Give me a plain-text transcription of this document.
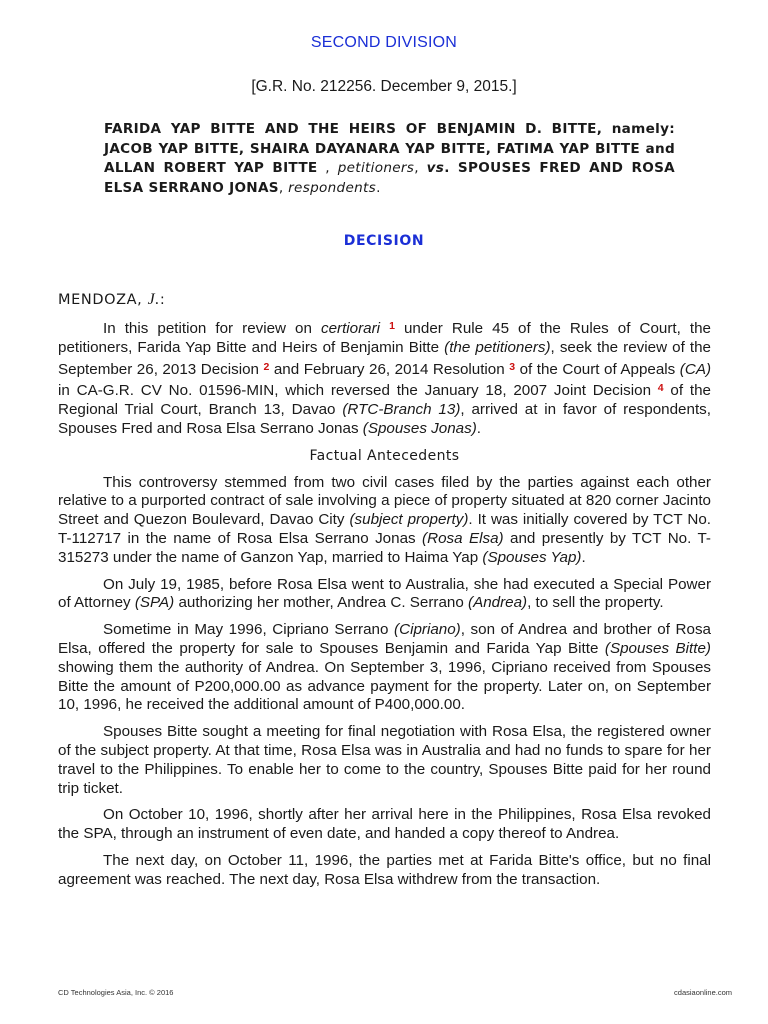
SECOND DIVISION
[G.R. No. 212256. December 9, 2015.]
FARIDA YAP BITTE AND THE HEIRS OF BENJAMIN D. BITTE, namely: JACOB YAP BITTE, SHAIRA DAYANARA YAP BITTE, FATIMA YAP BITTE and ALLAN ROBERT YAP BITTE , petitioners, vs. SPOUSES FRED AND ROSA ELSA SERRANO JONAS, respondents.
DECISION
MENDOZA, J.:

In this petition for review on certiorari $^1$ under Rule 45 of the Rules of Court, the petitioners, Farida Yap Bitte and Heirs of Benjamin Bitte (the petitioners), seek the review of the September 26, 2013 Decision $^2$ and February 26, 2014 Resolution $^3$ of the Court of Appeals (CA) in CA-G.R. CV No. 01596-MIN, which reversed the January 18, 2007 Joint Decision $^4$ of the Regional Trial Court, Branch 13, Davao (RTC-Branch 13), arrived at in favor of respondents, Spouses Fred and Rosa Elsa Serrano Jonas (Spouses Jonas).

Factual Antecedents

This controversy stemmed from two civil cases filed by the parties against each other relative to a purported contract of sale involving a piece of property situated at 820 corner Jacinto Street and Quezon Boulevard, Davao City (subject property). It was initially covered by TCT No. T-112717 in the name of Rosa Elsa Serrano Jonas (Rosa Elsa) and presently by TCT No. T-315273 under the name of Ganzon Yap, married to Haima Yap (Spouses Yap).

On July 19, 1985, before Rosa Elsa went to Australia, she had executed a Special Power of Attorney (SPA) authorizing her mother, Andrea C. Serrano (Andrea), to sell the property.

Sometime in May 1996, Cipriano Serrano (Cipriano), son of Andrea and brother of Rosa Elsa, offered the property for sale to Spouses Benjamin and Farida Yap Bitte (Spouses Bitte) showing them the authority of Andrea. On September 3, 1996, Cipriano received from Spouses Bitte the amount of P200,000.00 as advance payment for the property. Later on, on September 10, 1996, he received the additional amount of P400,000.00.

Spouses Bitte sought a meeting for final negotiation with Rosa Elsa, the registered owner of the subject property. At that time, Rosa Elsa was in Australia and had no funds to spare for her travel to the Philippines. To enable her to come to the country, Spouses Bitte paid for her round trip ticket.

On October 10, 1996, shortly after her arrival here in the Philippines, Rosa Elsa revoked the SPA, through an instrument of even date, and handed a copy thereof to Andrea.

The next day, on October 11, 1996, the parties met at Farida Bitte's office, but no final agreement was reached. The next day, Rosa Elsa withdrew from the transaction.

CD Technologies Asia, Inc. © 2016	cdasiaonline.com
